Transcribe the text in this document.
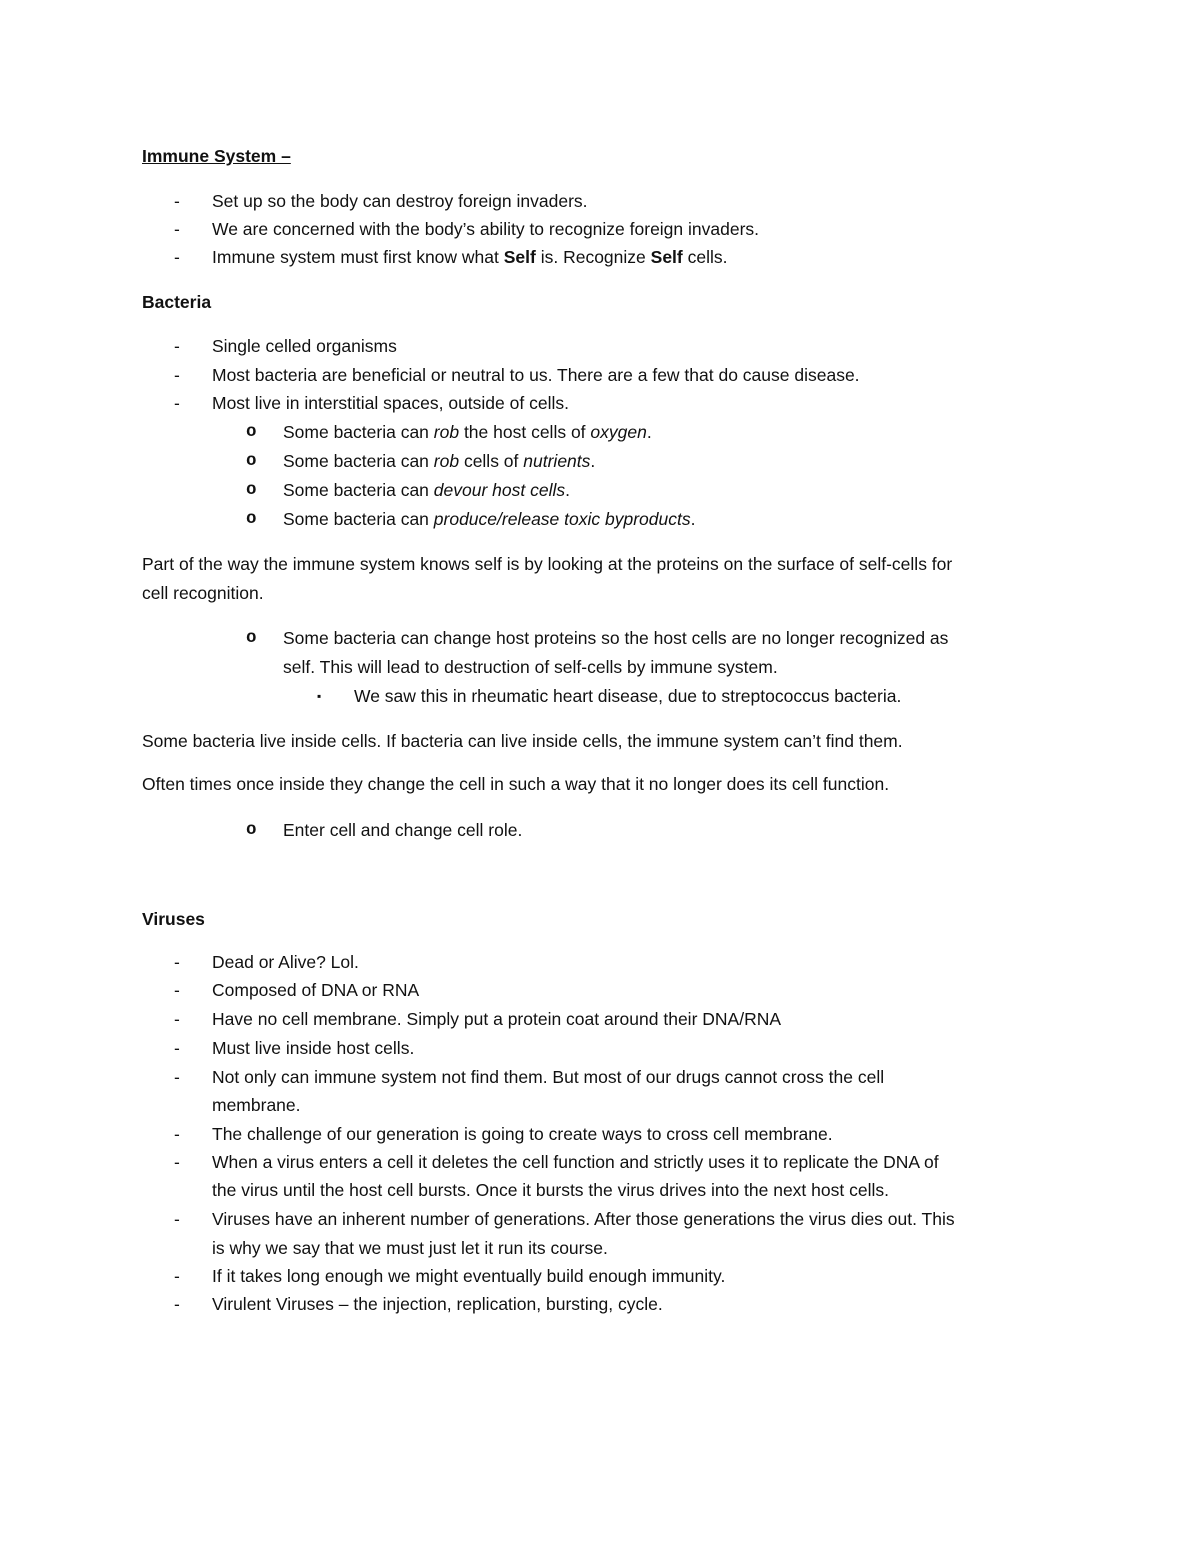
Immune System –
- Set up so the body can destroy foreign invaders.
- We are concerned with the body’s ability to recognize foreign invaders.
- Immune system must first know what Self is. Recognize Self cells.
Bacteria
- Single celled organisms
- Most bacteria are beneficial or neutral to us. There are a few that do cause disease.
- Most live in interstitial spaces, outside of cells.
o Some bacteria can rob the host cells of oxygen.
o Some bacteria can rob cells of nutrients.
o Some bacteria can devour host cells.
o Some bacteria can produce/release toxic byproducts.
Part of the way the immune system knows self is by looking at the proteins on the surface of self-cells for
cell recognition.
o Some bacteria can change host proteins so the host cells are no longer recognized as
self. This will lead to destruction of self-cells by immune system.
▪ We saw this in rheumatic heart disease, due to streptococcus bacteria.
Some bacteria live inside cells. If bacteria can live inside cells, the immune system can’t find them.
Often times once inside they change the cell in such a way that it no longer does its cell function.
o Enter cell and change cell role.
Viruses
- Dead or Alive? Lol.
- Composed of DNA or RNA
- Have no cell membrane. Simply put a protein coat around their DNA/RNA
- Must live inside host cells.
- Not only can immune system not find them. But most of our drugs cannot cross the cell
membrane.
- The challenge of our generation is going to create ways to cross cell membrane.
- When a virus enters a cell it deletes the cell function and strictly uses it to replicate the DNA of
the virus until the host cell bursts. Once it bursts the virus drives into the next host cells.
- Viruses have an inherent number of generations. After those generations the virus dies out. This
is why we say that we must just let it run its course.
- If it takes long enough we might eventually build enough immunity.
- Virulent Viruses – the injection, replication, bursting, cycle.
